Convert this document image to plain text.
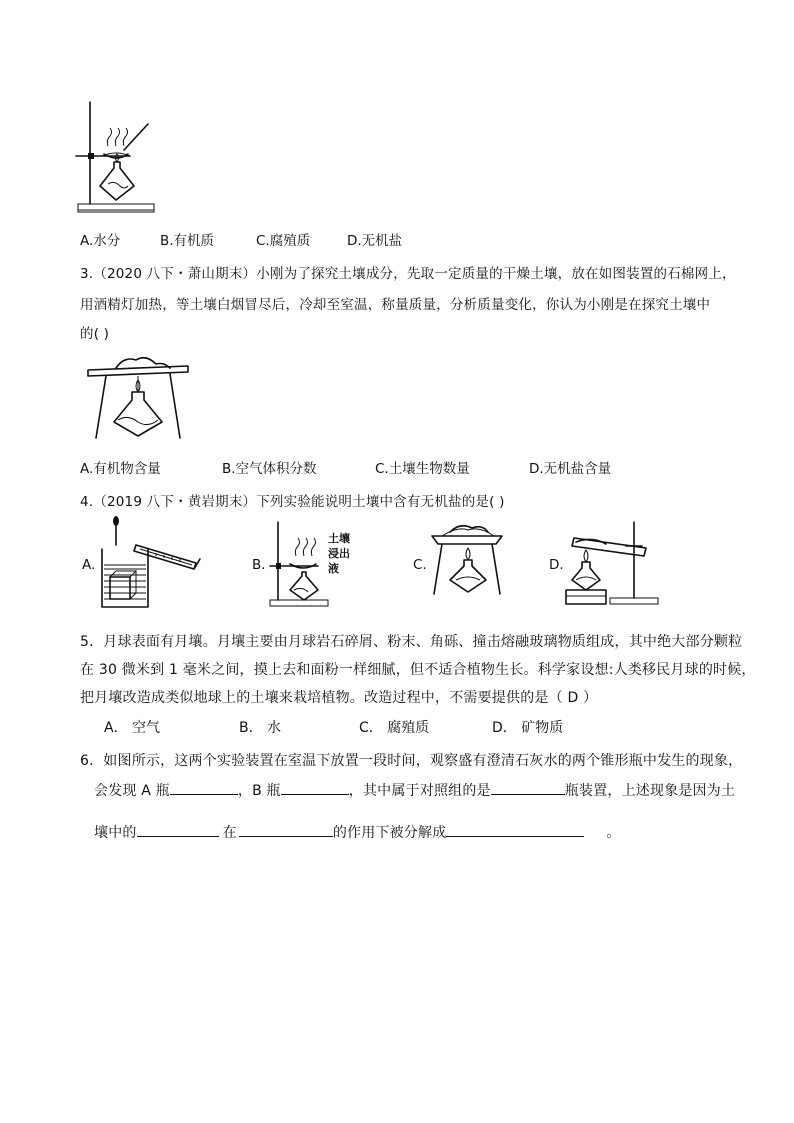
A.水分	B.有机质	C.腐殖质	D.无机盐
3.（2020 八下・萧山期末）小刚为了探究土壤成分，先取一定质量的干燥土壤，放在如图装置的石棉网上，
用酒精灯加热，等土壤白烟冒尽后，冷却至室温，称量质量，分析质量变化，你认为小刚是在探究土壤中
的( )
A.有机物含量	B.空气体积分数	C.土壤生物数量	D.无机盐含量
4.（2019 八下・黄岩期末）下列实验能说明土壤中含有无机盐的是( )
A.	B.
土壤
浸出
液	C.	D.
5．月球表面有月壤。月壤主要由月球岩石碎屑、粉末、角砾、撞击熔融玻璃物质组成，其中绝大部分颗粒
在 30 微米到 1 毫米之间，摸上去和面粉一样细腻，但不适合植物生长。科学家设想:人类移民月球的时候，
把月壤改造成类似地球上的土壤来栽培植物。改造过程中，不需要提供的是（ D ）
A． 空气	B． 水	C． 腐殖质	D． 矿物质
6．如图所示，这两个实验装置在室温下放置一段时间，观察盛有澄清石灰水的两个锥形瓶中发生的现象，
会发现 A 瓶	，B 瓶	，其中属于对照组的是	瓶装置，上述现象是因为土
壤中的	在	的作用下被分解成	。
